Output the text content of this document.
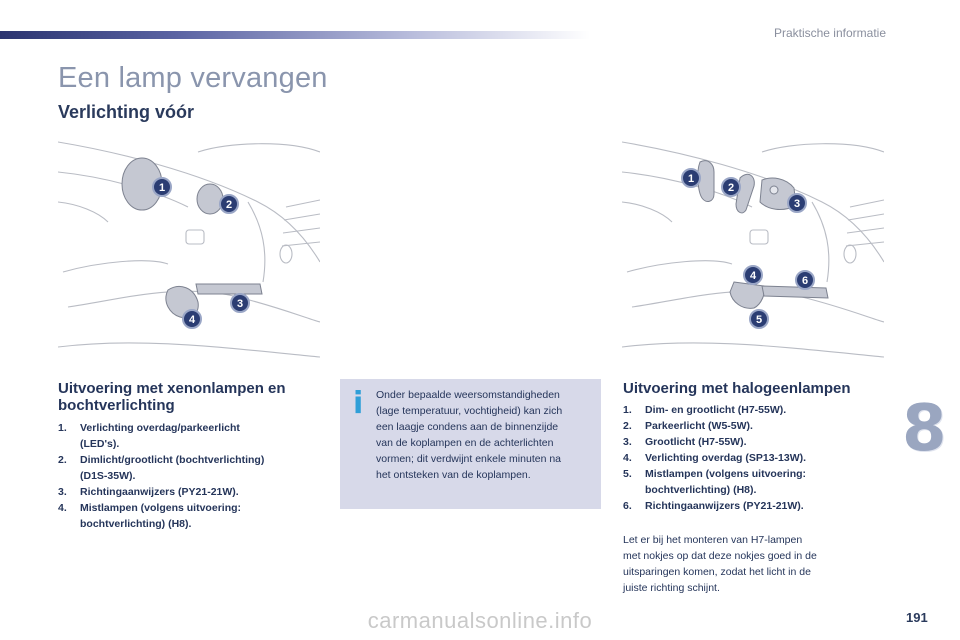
Praktische informatie
Een lamp vervangen
Verlichting vóór
1
2
3
4
1
2
3
4
5
6
Uitvoering met xenonlampen en
bochtverlichting
1. Verlichting overdag/parkeerlicht
(LED's).
2. Dimlicht/grootlicht (bochtverlichting)
(D1S-35W).
3. Richtingaanwijzers (PY21-21W).
4. Mistlampen (volgens uitvoering:
bochtverlichting) (H8).
i Onder bepaalde weersomstandigheden
(lage temperatuur, vochtigheid) kan zich
een laagje condens aan de binnenzijde
van de koplampen en de achterlichten
vormen; dit verdwijnt enkele minuten na
het ontsteken van de koplampen.
Uitvoering met halogeenlampen
1. Dim- en grootlicht (H7-55W).
2. Parkeerlicht (W5-5W).
3. Grootlicht (H7-55W).
4. Verlichting overdag (SP13-13W).
5. Mistlampen (volgens uitvoering:
bochtverlichting) (H8).
6. Richtingaanwijzers (PY21-21W).
Let er bij het monteren van H7-lampen
met nokjes op dat deze nokjes goed in de
uitsparingen komen, zodat het licht in de
juiste richting schijnt.
8
carmanualsonline.info	191
